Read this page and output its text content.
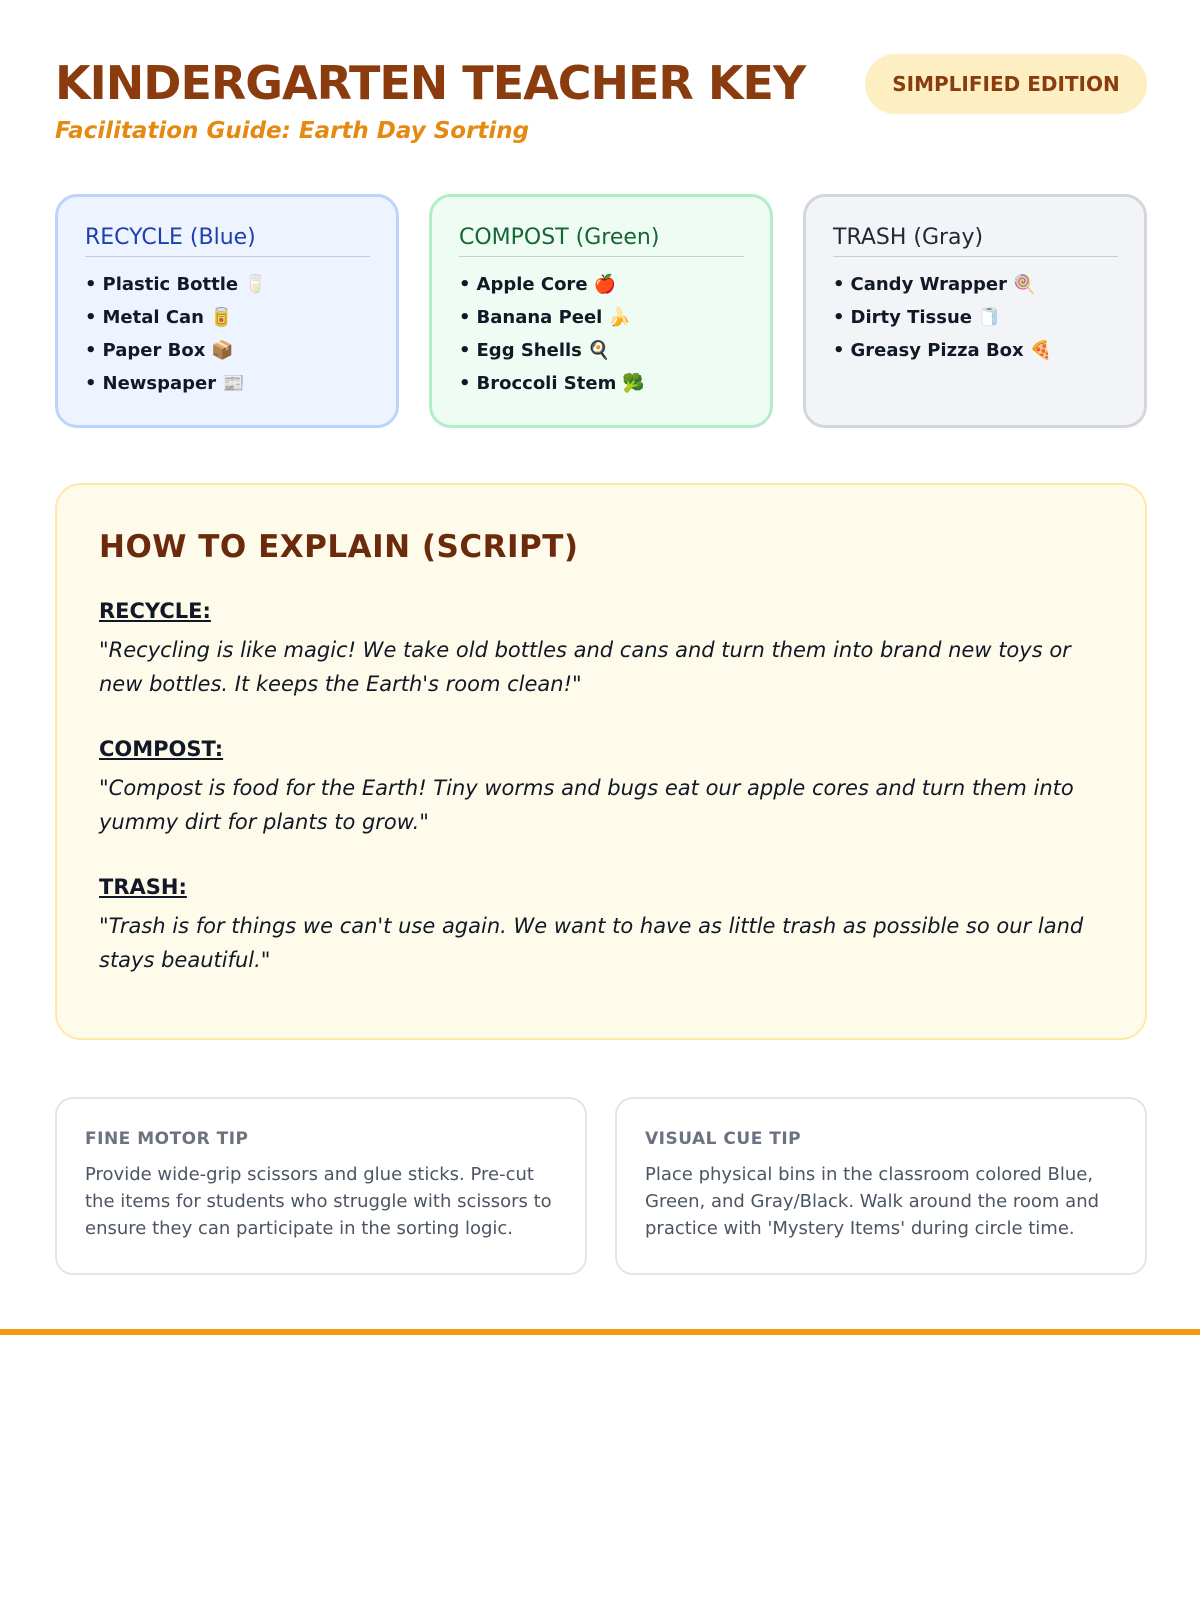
KINDERGARTEN TEACHER KEY
Facilitation Guide: Earth Day Sorting
SIMPLIFIED EDITION
RECYCLE (Blue)
• Plastic Bottle 🥛
• Metal Can 🥫
• Paper Box 📦
• Newspaper 📰
COMPOST (Green)
• Apple Core 🍎
• Banana Peel 🍌
• Egg Shells 🍳
• Broccoli Stem 🥦
TRASH (Gray)
• Candy Wrapper 🍭
• Dirty Tissue 🧻
• Greasy Pizza Box 🍕
HOW TO EXPLAIN (SCRIPT)
RECYCLE:

"Recycling is like magic! We take old bottles and cans and turn them into brand new toys or new bottles. It keeps the Earth's room clean!"

COMPOST:

"Compost is food for the Earth! Tiny worms and bugs eat our apple cores and turn them into yummy dirt for plants to grow."

TRASH:

"Trash is for things we can't use again. We want to have as little trash as possible so our land stays beautiful."

FINE MOTOR TIP

Provide wide-grip scissors and glue sticks. Pre-cut the items for students who struggle with scissors to ensure they can participate in the sorting logic.

VISUAL CUE TIP

Place physical bins in the classroom colored Blue, Green, and Gray/Black. Walk around the room and practice with 'Mystery Items' during circle time.
